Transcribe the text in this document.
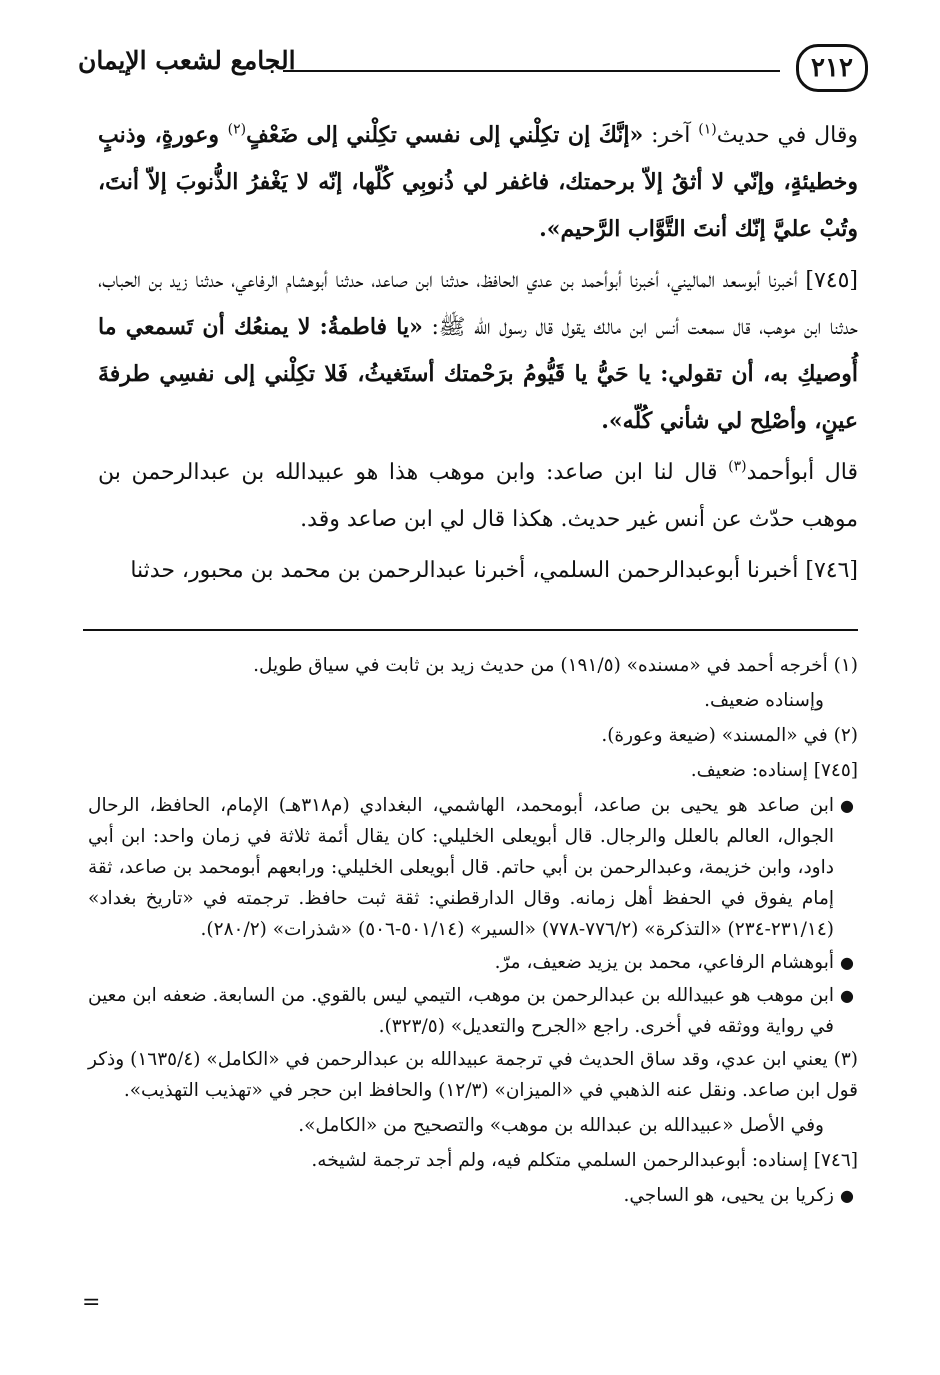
٢١٢
الجامع لشعب الإيمان

وقال في حديث$^{(١)}$ آخر: «إنَّكَ إن تكِلْني إلى نفسي تكِلْني إلى ضَعْفٍ$^{(٢)}$ وعورةٍ، وذنبٍ وخطيئةٍ، وإنّي لا أثقُ إلاّ برحمتك، فاغفر لي ذُنوبِي كُلّها، إنّه لا يَغْفرُ الذُّنوبَ إلاّ أنتَ، وتُبْ عليَّ إنّك أنتَ التَّوَّاب الرَّحيم».

[٧٤٥] أخبرنا أبوسعد الماليني، أخبرنا أبوأحمد بن عدي الحافظ، حدثنا ابن صاعد، حدثنا أبوهشام الرفاعي، حدثنا زيد بن الحباب، حدثنا ابن موهب، قال سمعت أنس ابن مالك يقول قال رسول الله ﷺ: «يا فاطمةُ: لا يمنعُك أن تَسمعي ما أُوصيكِ به، أن تقولي: يا حَيُّ يا قَيُّومُ برَحْمتك أستَغيثُ، فَلا تكِلْني إلى نفسِي طرفةَ عينٍ، وأصْلِح لي شأني كُلّه».

قال أبوأحمد$^{(٣)}$ قال لنا ابن صاعد: وابن موهب هذا هو عبيدالله بن عبدالرحمن بن موهب حدّث عن أنس غير حديث. هكذا قال لي ابن صاعد وقد.

[٧٤٦] أخبرنا أبوعبدالرحمن السلمي، أخبرنا عبدالرحمن بن محمد بن محبور، حدثنا

(١) أخرجه أحمد في «مسنده» (١٩١/٥) من حديث زيد بن ثابت في سياق طويل.

وإسناده ضعيف.

(٢) في «المسند» (ضيعة وعورة).

[٧٤٥] إسناده: ضعيف.

●
ابن صاعد هو يحيى بن صاعد، أبومحمد، الهاشمي، البغدادي (م٣١٨هـ) الإمام، الحافظ، الرحال الجوال، العالم بالعلل والرجال. قال أبويعلى الخليلي: كان يقال أئمة ثلاثة في زمان واحد: ابن أبي داود، وابن خزيمة، وعبدالرحمن بن أبي حاتم. قال أبويعلى الخليلي: ورابعهم أبومحمد بن صاعد، ثقة إمام يفوق في الحفظ أهل زمانه. وقال الدارقطني: ثقة ثبت حافظ. ترجمته في «تاريخ بغداد» (٢٣١/١٤-٢٣٤) «التذكرة» (٧٧٦/٢-٧٧٨) «السير» (٥٠١/١٤-٥٠٦) «شذرات» (٢٨٠/٢).
●
أبوهشام الرفاعي، محمد بن يزيد ضعيف، مرّ.
●
ابن موهب هو عبيدالله بن عبدالرحمن بن موهب، التيمي ليس بالقوي. من السابعة. ضعفه ابن معين في رواية ووثقه في أخرى. راجع «الجرح والتعديل» (٣٢٣/٥).

(٣) يعني ابن عدي، وقد ساق الحديث في ترجمة عبيدالله بن عبدالرحمن في «الكامل» (١٦٣٥/٤) وذكر قول ابن صاعد. ونقل عنه الذهبي في «الميزان» (١٢/٣) والحافظ ابن حجر في «تهذيب التهذيب».

وفي الأصل «عبيدالله بن عبدالله بن موهب» والتصحيح من «الكامل».

[٧٤٦] إسناده: أبوعبدالرحمن السلمي متكلم فيه، ولم أجد ترجمة لشيخه.

●
زكريا بن يحيى، هو الساجي.
=
